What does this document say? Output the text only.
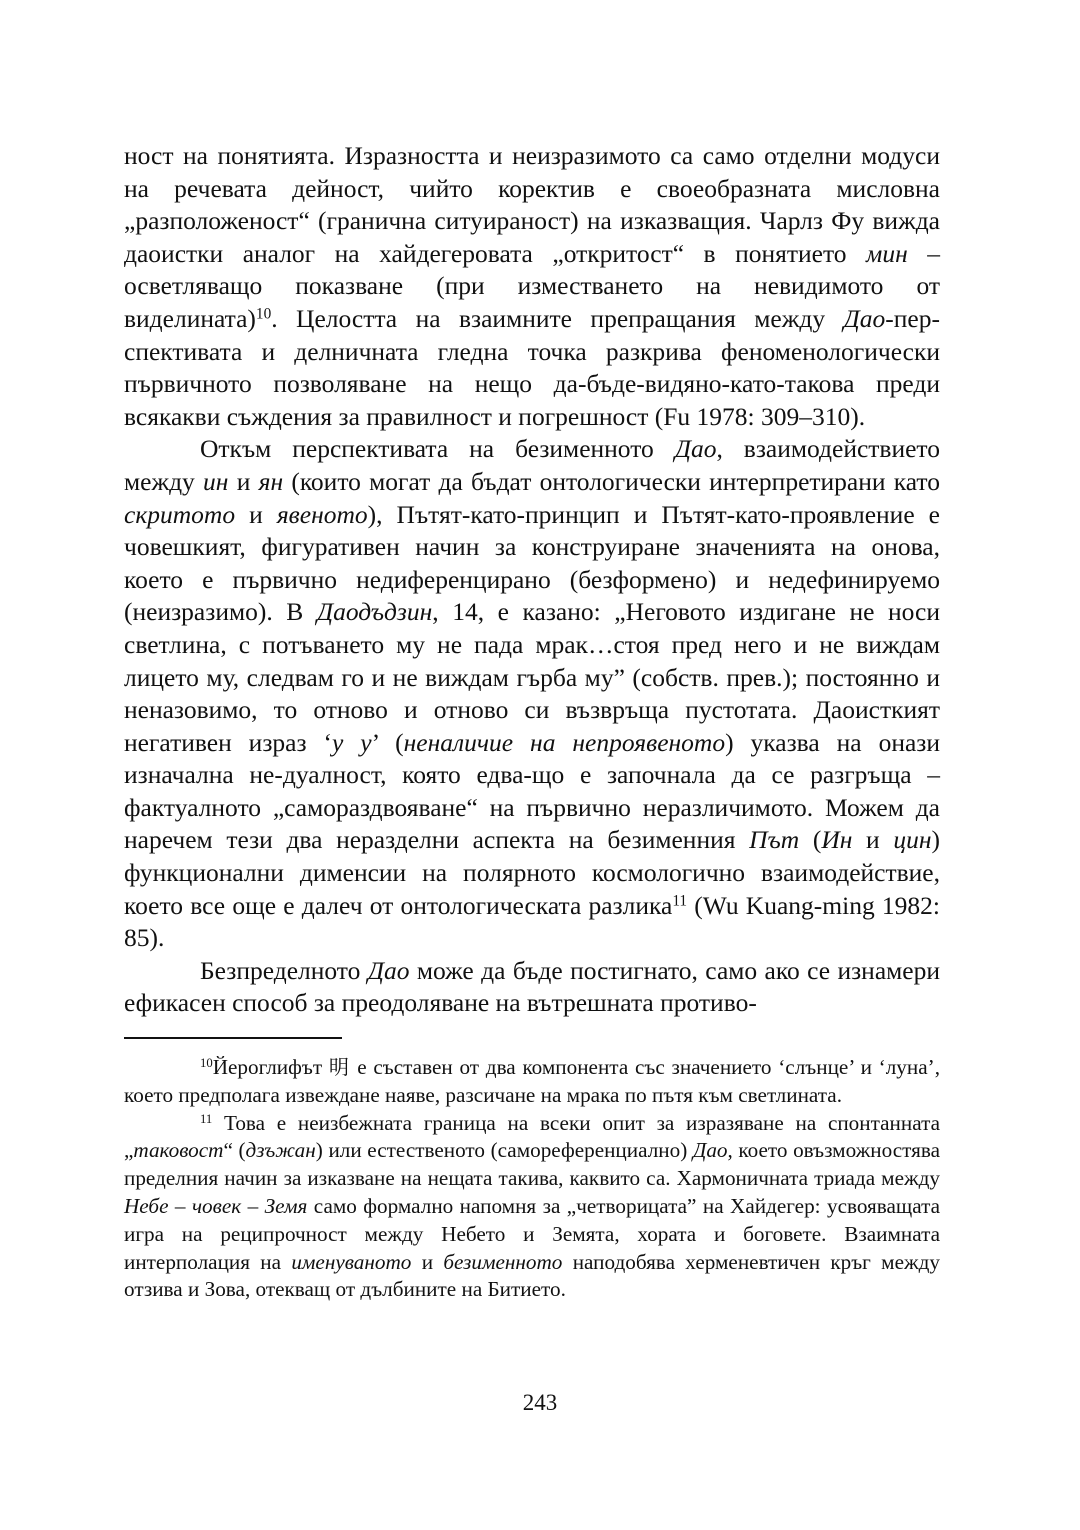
ност на понятията. Изразността и неизразимото са само отделни модуси на речевата дейност, чийто коректив е своеобразната мисловна „разположеност“ (гранична ситуираност) на изказващия. Чарлз Фу вижда даоистки аналог на хайдегеровата „откритост“ в понятието мин – осветляващо показване (при изместването на невидимото от виделината)$^{10}$. Целостта на взаимните препращания между Дао-перспективата и делничната гледна точка разкрива феноменологически първичното позволяване на нещо да-бъде-видяно-като-такова преди всякакви съждения за правилност и погрешност (Fu 1978: 309–310).

Откъм перспективата на безименното Дао, взаимодействието между ин и ян (които могат да бъдат онтологически интерпретирани като скритото и явеното), Пътят-като-принцип и Пътят-като-проявление е човешкият, фигуративен начин за конструиране значенията на онова, което е първично недиференцирано (безформено) и недефинируемо (неизразимо). В Даодъдзин, 14, е казано: „Неговото издигане не носи светлина, с потъването му не пада мрак…стоя пред него и не виждам лицето му, следвам го и не виждам гърба му” (собств. прев.); постоянно и неназовимо, то отново и отново си възвръща пустотата. Даоисткият негативен израз ‘у у’ (неналичие на непроявеното) указва на онази изначална не-дуалност, която едва-що е започнала да се разгръща – фактуалното „самораздвояване“ на първично неразличимото. Можем да наречем тези два неразделни аспекта на безименния Път (Ин и цин) функционални дименсии на полярното космологично взаимодействие, което все още е далеч от онтологическата разлика$^{11}$ (Wu Kuang-ming 1982: 85).

Безпределното Дао може да бъде постигнато, само ако се изнамери ефикасен способ за преодоляване на вътрешната противо-

$^{10}$Йероглифът 明 е съставен от два компонента със значението ‘слънце’ и ‘луна’, което предполага извеждане наяве, разсичане на мрака по пътя към светлината.

$^{11}$ Това е неизбежната граница на всеки опит за изразяване на спонтанната „таковост“ (дзъжан) или естественото (самореференциално) Дао, което овъзможностява пределния начин за изказване на нещата такива, каквито са. Хармоничната триада между Небе – човек – Земя само формално напомня за „четворицата” на Хайдегер: усвояващата игра на реципрочност между Небето и Земята, хората и боговете. Взаимната интерполация на именуваното и безименното наподобява херменевтичен кръг между отзива и Зова, отекващ от дълбините на Битието.

243
